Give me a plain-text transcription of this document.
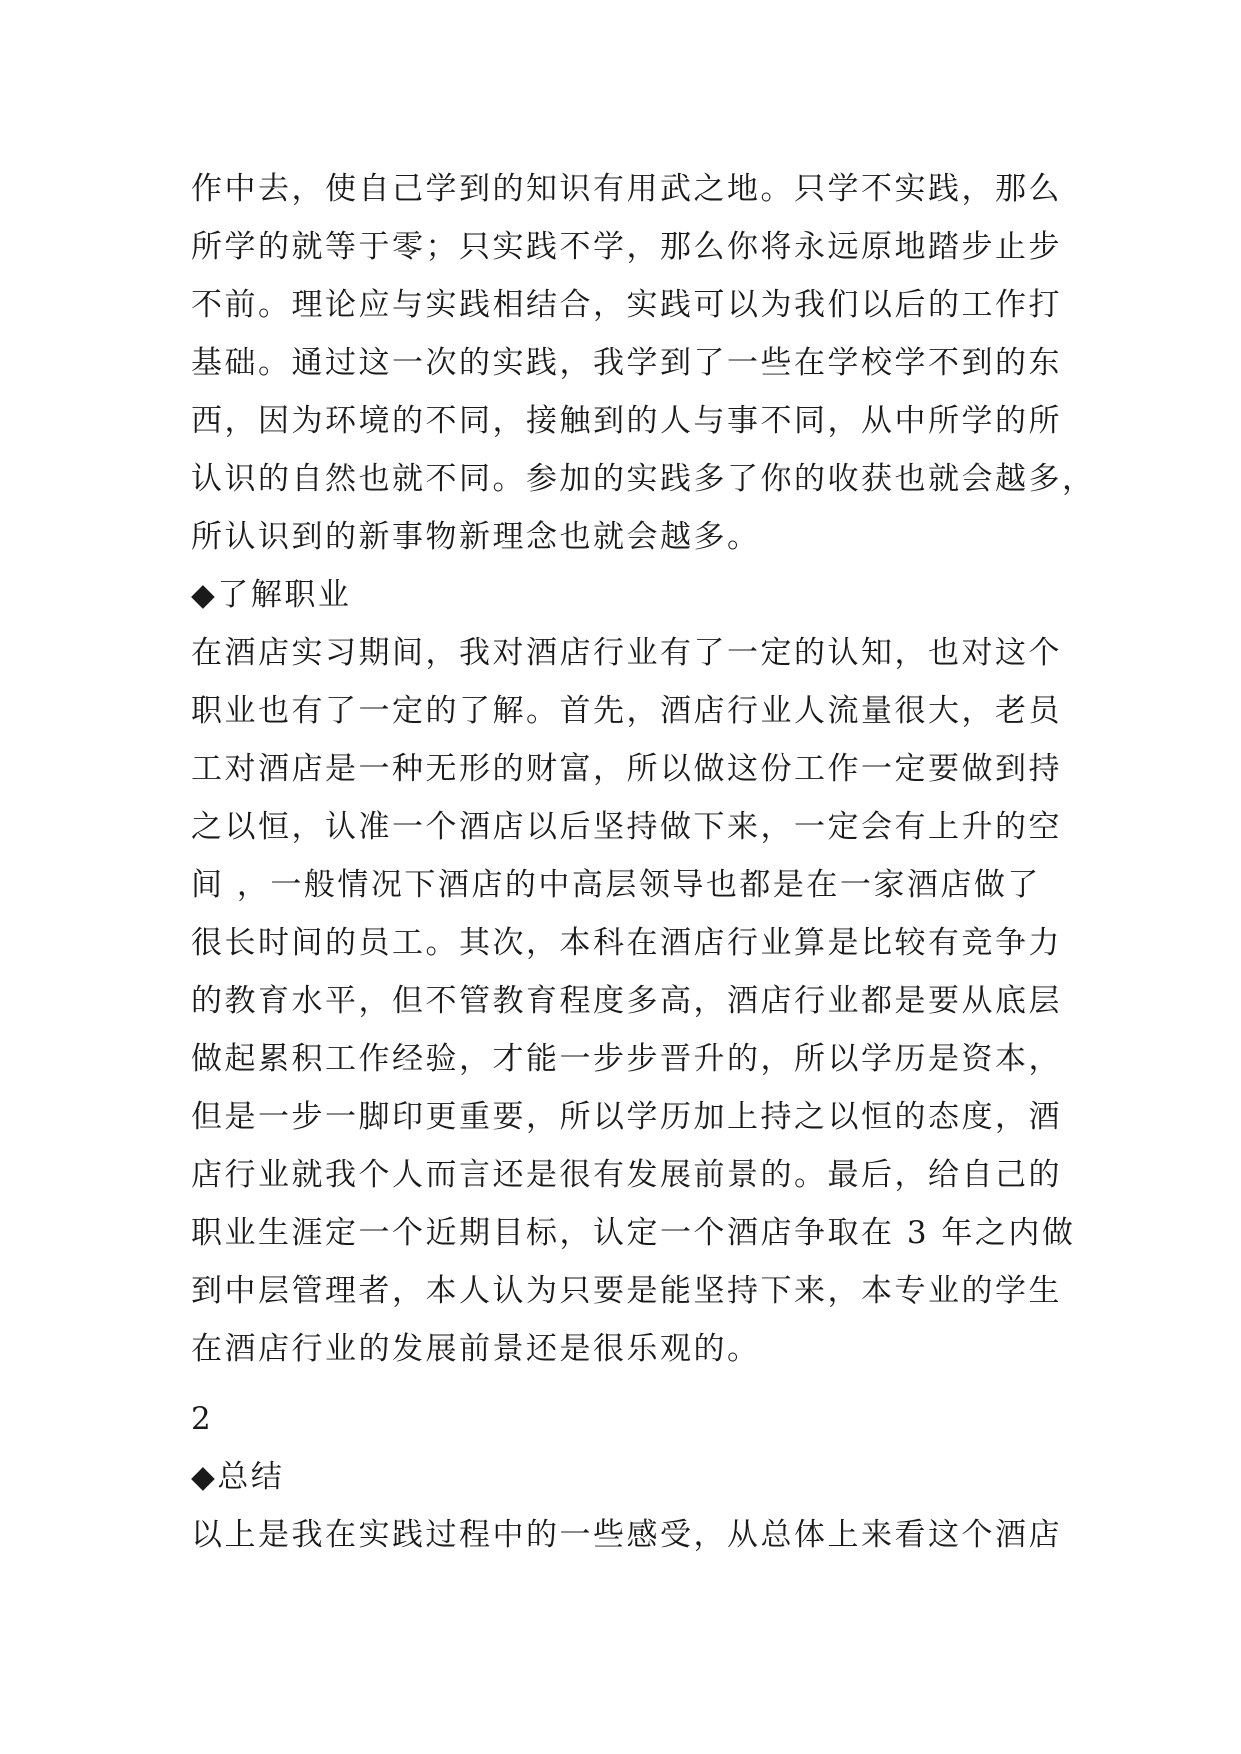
作中去，使自己学到的知识有用武之地。只学不实践，那么
所学的就等于零；只实践不学，那么你将永远原地踏步止步
不前。理论应与实践相结合，实践可以为我们以后的工作打
基础。通过这一次的实践，我学到了一些在学校学不到的东
西，因为环境的不同，接触到的人与事不同，从中所学的所
认识的自然也就不同。参加的实践多了你的收获也就会越多，
所认识到的新事物新理念也就会越多。
◆了解职业
在酒店实习期间，我对酒店行业有了一定的认知，也对这个
职业也有了一定的了解。首先，酒店行业人流量很大，老员
工对酒店是一种无形的财富，所以做这份工作一定要做到持
之以恒，认准一个酒店以后坚持做下来，一定会有上升的空
间 ，一般情况下酒店的中高层领导也都是在一家酒店做了
很长时间的员工。其次，本科在酒店行业算是比较有竞争力
的教育水平，但不管教育程度多高，酒店行业都是要从底层
做起累积工作经验，才能一步步晋升的，所以学历是资本，
但是一步一脚印更重要，所以学历加上持之以恒的态度，酒
店行业就我个人而言还是很有发展前景的。最后，给自己的
职业生涯定一个近期目标，认定一个酒店争取在 3 年之内做
到中层管理者，本人认为只要是能坚持下来，本专业的学生
在酒店行业的发展前景还是很乐观的。
2
◆总结
以上是我在实践过程中的一些感受，从总体上来看这个酒店
